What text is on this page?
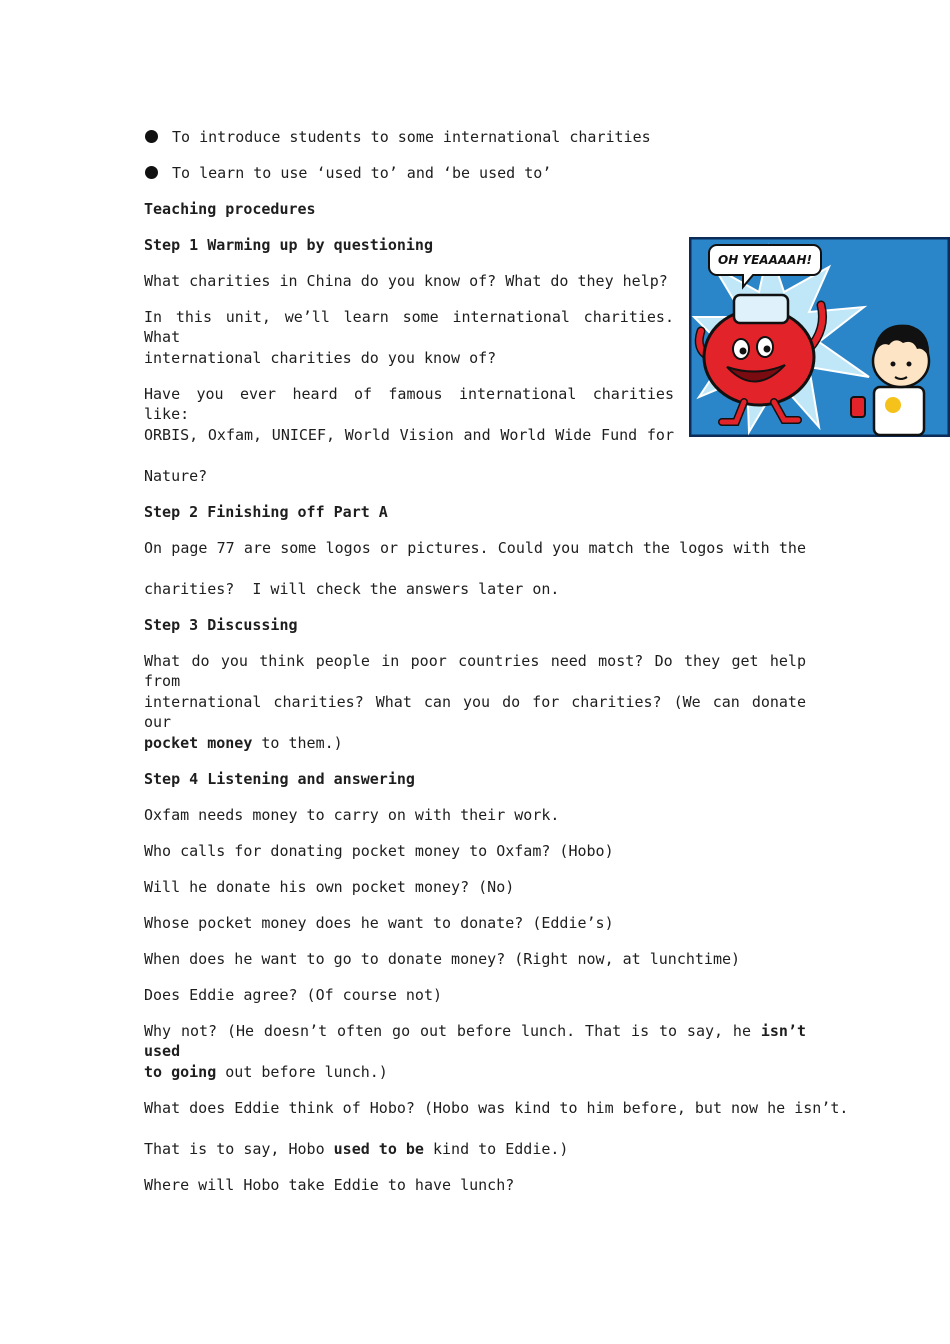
To introduce students to some international charities

To learn to use ‘used to’ and ‘be used to’

Teaching procedures

Step 1 Warming up by questioning

What charities in China do you know of? What do they help?

In this unit, we’ll learn some international charities. What

international charities do you know of?

Have you ever heard of famous international charities like:

ORBIS, Oxfam, UNICEF, World Vision and World Wide Fund for

Nature?

OH YEAAAAH!

Step 2 Finishing off Part A

On page 77 are some logos or pictures. Could you match the logos with the

charities?  I will check the answers later on.

Step 3 Discussing

What do you think people in poor countries need most? Do they get help from

international charities? What can you do for charities? (We can donate our

pocket money to them.)

Step 4 Listening and answering

Oxfam needs money to carry on with their work.

Who calls for donating pocket money to Oxfam? (Hobo)

Will he donate his own pocket money? (No)

Whose pocket money does he want to donate? (Eddie’s)

When does he want to go to donate money? (Right now, at lunchtime)

Does Eddie agree? (Of course not)

Why not? (He doesn’t often go out before lunch. That is to say, he isn’t used

to going out before lunch.)

What does Eddie think of Hobo? (Hobo was kind to him before, but now he isn’t.

That is to say, Hobo used to be kind to Eddie.)

Where will Hobo take Eddie to have lunch?
